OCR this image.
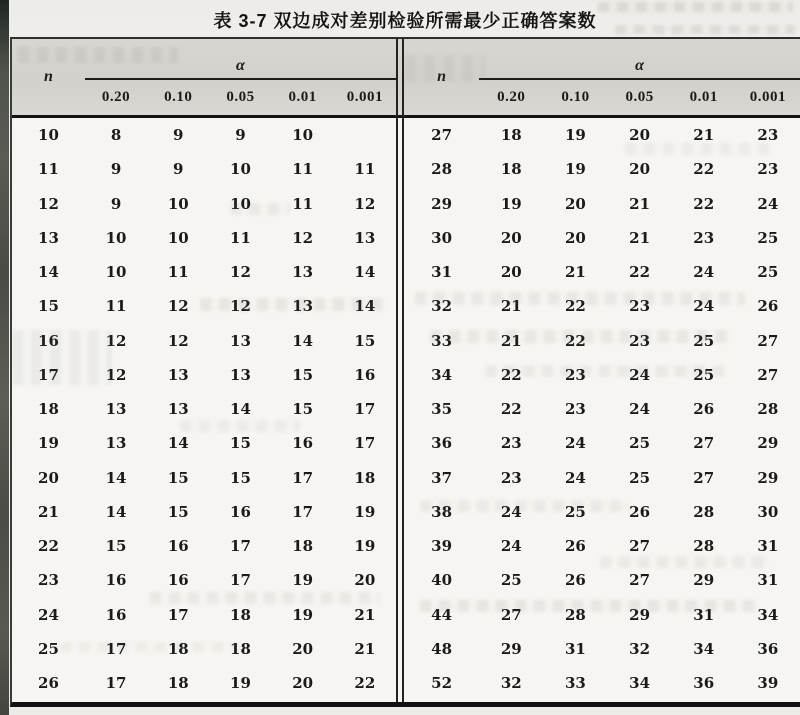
表 3-7 双边成对差别检验所需最少正确答案数
n
α
0.20	0.10	0.05	0.01	0.001
10	8	9	9	10
11	9	9	10	11	11
12	9	10	10	11	12
13	10	10	11	12	13
14	10	11	12	13	14
15	11	12	12	13	14
16	12	12	13	14	15
17	12	13	13	15	16
18	13	13	14	15	17
19	13	14	15	16	17
20	14	15	15	17	18
21	14	15	16	17	19
22	15	16	17	18	19
23	16	16	17	19	20
24	16	17	18	19	21
25	17	18	18	20	21
26	17	18	19	20	22
n
α
0.20	0.10	0.05	0.01	0.001
27	18	19	20	21	23
28	18	19	20	22	23
29	19	20	21	22	24
30	20	20	21	23	25
31	20	21	22	24	25
32	21	22	23	24	26
33	21	22	23	25	27
34	22	23	24	25	27
35	22	23	24	26	28
36	23	24	25	27	29
37	23	24	25	27	29
38	24	25	26	28	30
39	24	26	27	28	31
40	25	26	27	29	31
44	27	28	29	31	34
48	29	31	32	34	36
52	32	33	34	36	39
